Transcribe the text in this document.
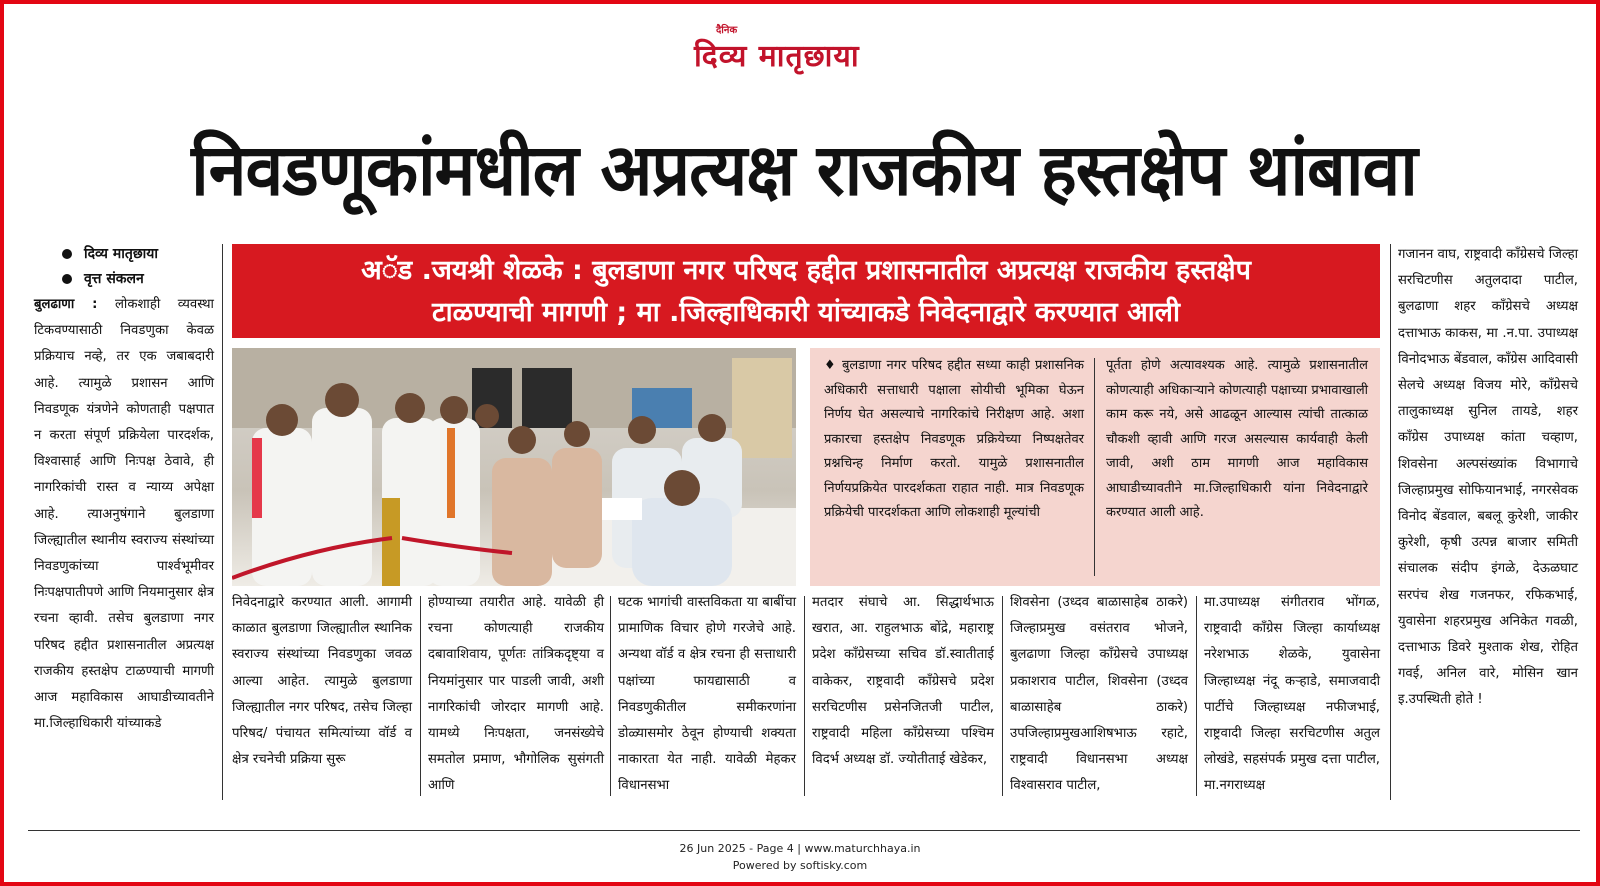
दैनिक
दिव्य मातृछाया
निवडणूकांमधील अप्रत्यक्ष राजकीय हस्तक्षेप थांबावा
दिव्य मातृछाया
वृत्त संकलन

बुलढाणा : लोकशाही व्यवस्था टिकवण्यासाठी निवडणुका केवळ प्रक्रियाच नव्हे, तर एक जबाबदारी आहे. त्यामुळे प्रशासन आणि निवडणूक यंत्रणेने कोणताही पक्षपात न करता संपूर्ण प्रक्रियेला पारदर्शक, विश्वासार्ह आणि निःपक्ष ठेवावे, ही नागरिकांची रास्त व न्याय्य अपेक्षा आहे. त्याअनुषंगाने बुलडाणा जिल्ह्यातील स्थानीय स्वराज्य संस्थांच्या निवडणुकांच्या पार्श्वभूमीवर निःपक्षपातीपणे आणि नियमानुसार क्षेत्र रचना व्हावी. तसेच बुलडाणा नगर परिषद हद्दीत प्रशासनातील अप्रत्यक्ष राजकीय हस्तक्षेप टाळण्याची मागणी आज महाविकास आघाडीच्यावतीने मा.जिल्हाधिकारी यांच्याकडे

अॅड .जयश्री शेळके : बुलडाणा नगर परिषद हद्दीत प्रशासनातील अप्रत्यक्ष राजकीय हस्तक्षेप
टाळण्याची मागणी ; मा .जिल्हाधिकारी यांच्याकडे निवेदनाद्वारे करण्यात आली
♦ बुलडाणा नगर परिषद हद्दीत सध्या काही प्रशासनिक अधिकारी सत्ताधारी पक्षाला सोयीची भूमिका घेऊन निर्णय घेत असल्याचे नागरिकांचे निरीक्षण आहे. अशा प्रकारचा हस्तक्षेप निवडणूक प्रक्रियेच्या निष्पक्षतेवर प्रश्नचिन्ह निर्माण करतो. यामुळे प्रशासनातील निर्णयप्रक्रियेत पारदर्शकता राहात नाही. मात्र निवडणूक प्रक्रियेची पारदर्शकता आणि लोकशाही मूल्यांची
पूर्तता होणे अत्यावश्यक आहे. त्यामुळे प्रशासनातील कोणत्याही अधिकाऱ्याने कोणत्याही पक्षाच्या प्रभावाखाली काम करू नये, असे आढळून आल्यास त्यांची तात्काळ चौकशी व्हावी आणि गरज असल्यास कार्यवाही केली जावी, अशी ठाम मागणी आज महाविकास आघाडीच्यावतीने मा.जिल्हाधिकारी यांना निवेदनाद्वारे करण्यात आली आहे.
निवेदनाद्वारे करण्यात आली. आगामी काळात बुलडाणा जिल्ह्यातील स्थानिक स्वराज्य संस्थांच्या निवडणुका जवळ आल्या आहेत. त्यामुळे बुलडाणा जिल्ह्यातील नगर परिषद, तसेच जिल्हा परिषद/ पंचायत समित्यांच्या वॉर्ड व क्षेत्र रचनेची प्रक्रिया सुरू
होण्याच्या तयारीत आहे. यावेळी ही रचना कोणत्याही राजकीय दबावाशिवाय, पूर्णतः तांत्रिकदृष्ट्या व नियमांनुसार पार पाडली जावी, अशी नागरिकांची जोरदार मागणी आहे. यामध्ये निःपक्षता, जनसंख्येचे समतोल प्रमाण, भौगोलिक सुसंगती आणि
घटक भागांची वास्तविकता या बाबींचा प्रामाणिक विचार होणे गरजेचे आहे. अन्यथा वॉर्ड व क्षेत्र रचना ही सत्ताधारी पक्षांच्या फायद्यासाठी व निवडणुकीतील समीकरणांना डोळ्यासमोर ठेवून होण्याची शक्यता नाकारता येत नाही. यावेळी मेहकर विधानसभा
मतदार संघाचे आ. सिद्धार्थभाऊ खरात, आ. राहुलभाऊ बोंद्रे, महाराष्ट्र प्रदेश काँग्रेसच्या सचिव डॉ.स्वातीताई वाकेकर, राष्ट्रवादी काँग्रेसचे प्रदेश सरचिटणीस प्रसेनजितजी पाटील, राष्ट्रवादी महिला काँग्रेसच्या पश्चिम विदर्भ अध्यक्ष डॉ. ज्योतीताई खेडेकर,
शिवसेना (उध्दव बाळासाहेब ठाकरे) जिल्हाप्रमुख वसंतराव भोजने, बुलढाणा जिल्हा काँग्रेसचे उपाध्यक्ष प्रकाशराव पाटील, शिवसेना (उध्दव बाळासाहेब ठाकरे) उपजिल्हाप्रमुखआशिषभाऊ रहाटे, राष्ट्रवादी विधानसभा अध्यक्ष विश्वासराव पाटील,
मा.उपाध्यक्ष संगीतराव भोंगळ, राष्ट्रवादी काँग्रेस जिल्हा कार्याध्यक्ष नरेशभाऊ शेळके, युवासेना जिल्हाध्यक्ष नंदू कऱ्हाडे, समाजवादी पार्टीचे जिल्हाध्यक्ष नफीजभाई, राष्ट्रवादी जिल्हा सरचिटणीस अतुल लोखंडे, सहसंपर्क प्रमुख दत्ता पाटील, मा.नगराध्यक्ष
गजानन वाघ, राष्ट्रवादी काँग्रेसचे जिल्हा सरचिटणीस अतुलदादा पाटील, बुलढाणा शहर काँग्रेसचे अध्यक्ष दत्ताभाऊ काकस, मा .न.पा. उपाध्यक्ष विनोदभाऊ बेंडवाल, काँग्रेस आदिवासी सेलचे अध्यक्ष विजय मोरे, काँग्रेसचे तालुकाध्यक्ष सुनिल तायडे, शहर काँग्रेस उपाध्यक्ष कांता चव्हाण, शिवसेना अल्पसंख्यांक विभागाचे जिल्हाप्रमुख सोफियानभाई, नगरसेवक विनोद बेंडवाल, बबलू कुरेशी, जाकीर कुरेशी, कृषी उत्पन्न बाजार समिती संचालक संदीप इंगळे, देऊळघाट सरपंच शेख गजनफर, रफिकभाई, युवासेना शहरप्रमुख अनिकेत गवळी, दत्ताभाऊ डिवरे मुश्ताक शेख, रोहित गवई, अनिल वारे, मोसिन खान इ.उपस्थिती होते !
26 Jun 2025 - Page 4 | www.maturchhaya.in
Powered by softisky.com
